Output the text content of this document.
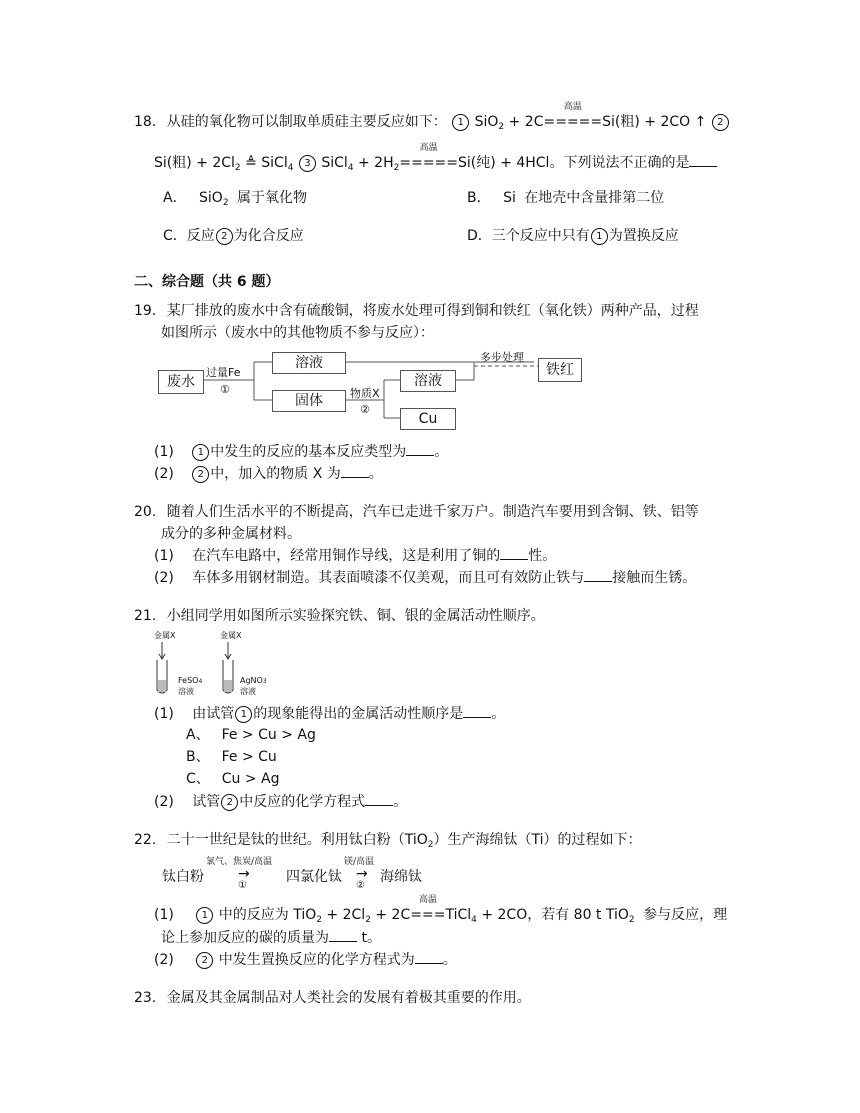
18. 从硅的氧化物可以制取单质硅主要反应如下： 1 SiO$_2$ + 2C
高温
=====Si(粗) + 2CO ↑ 2
Si(粗) + $2Cl_2$ ≜ SiCl$_4$ 3 SiCl$_4$ + $2H_2$
高温
=====Si(纯) + 4HCl。下列说法不正确的是
A． SiO$_2$ 属于氧化物	B． Si 在地壳中含量排第二位
C．反应 2 为化合反应	D．三个反应中只有 1 为置换反应
二、综合题（共 6 题）
19. 某厂排放的废水中含有硫酸铜，将废水处理可得到铜和铁红（氧化铁）两种产品，过程
如图所示（废水中的其他物质不参与反应）：
废水
过量Fe
①
溶液
固体	物质X
②
溶液
Cu
多步处理
铁红
(1) 1 中发生的反应的基本反应类型为 。
(2) 2 中，加入的物质 X 为 。
20. 随着人们生活水平的不断提高，汽车已走进千家万户。制造汽车要用到含铜、铁、铝等
成分的多种金属材料。
(1) 在汽车电路中，经常用铜作导线，这是利用了铜的 性。
(2) 车体多用钢材制造。其表面喷漆不仅美观，而且可有效防止铁与 接触而生锈。
21. 小组同学用如图所示实验探究铁、铜、银的金属活动性顺序。
金属X
FeSO4
溶液
金属X
AgNO3
溶液
(1) 由试管 1 的现象能得出的金属活动性顺序是 。
A、 Fe > Cu > Ag
B、 Fe > Cu
C、 Cu > Ag
(2) 试管 2 中反应的化学方程式 。
22. 二十一世纪是钛的世纪。利用钛白粉（TiO$_2$）生产海绵钛（Ti）的过程如下：
钛白粉
氯气、焦炭/高温
→
①
四氯化钛
镁/高温
→
②
海绵钛
(1)	1 中的反应为 $TiO_2 + 2Cl_2 + 2C$
高温
===TiCl$_4$ + 2CO，若有 80 t TiO$_2$ 参与反应，理
论上参加反应的碳的质量为 t。
(2)	2 中发生置换反应的化学方程式为 。
23. 金属及其金属制品对人类社会的发展有着极其重要的作用。
